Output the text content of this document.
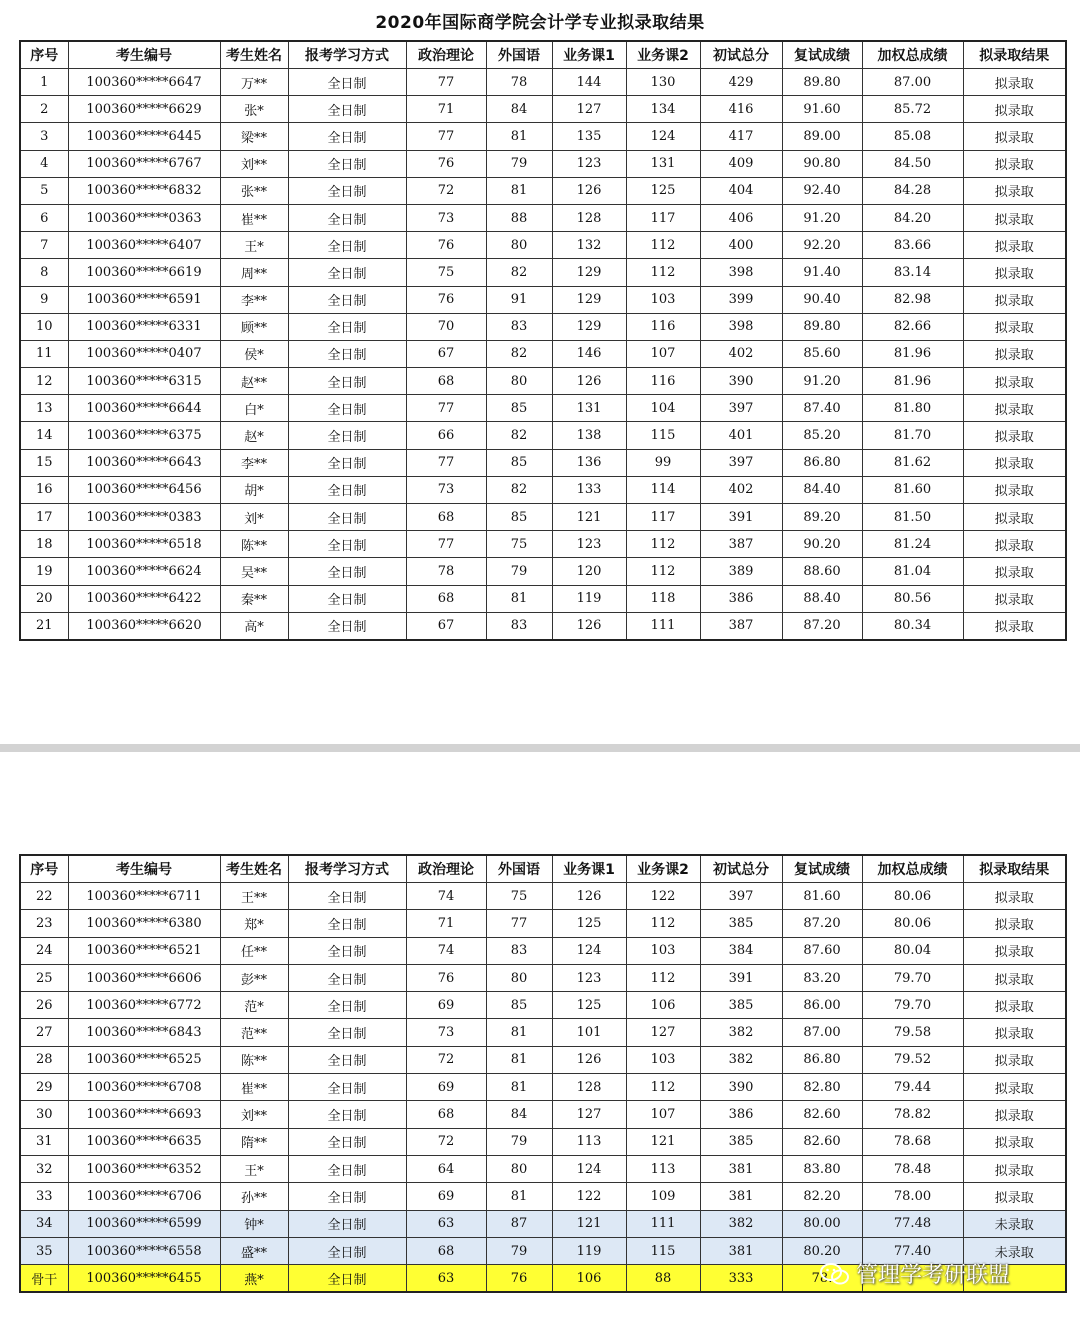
2020年国际商学院会计学专业拟录取结果
序号	考生编号	考生姓名	报考学习方式	政治理论	外国语	业务课1	业务课2	初试总分	复试成绩	加权总成绩	拟录取结果
1	100360*****6647	万**	全日制	77	78	144	130	429	89.80	87.00	拟录取
2	100360*****6629	张*	全日制	71	84	127	134	416	91.60	85.72	拟录取
3	100360*****6445	梁**	全日制	77	81	135	124	417	89.00	85.08	拟录取
4	100360*****6767	刘**	全日制	76	79	123	131	409	90.80	84.50	拟录取
5	100360*****6832	张**	全日制	72	81	126	125	404	92.40	84.28	拟录取
6	100360*****0363	崔**	全日制	73	88	128	117	406	91.20	84.20	拟录取
7	100360*****6407	王*	全日制	76	80	132	112	400	92.20	83.66	拟录取
8	100360*****6619	周**	全日制	75	82	129	112	398	91.40	83.14	拟录取
9	100360*****6591	李**	全日制	76	91	129	103	399	90.40	82.98	拟录取
10	100360*****6331	顾**	全日制	70	83	129	116	398	89.80	82.66	拟录取
11	100360*****0407	侯*	全日制	67	82	146	107	402	85.60	81.96	拟录取
12	100360*****6315	赵**	全日制	68	80	126	116	390	91.20	81.96	拟录取
13	100360*****6644	白*	全日制	77	85	131	104	397	87.40	81.80	拟录取
14	100360*****6375	赵*	全日制	66	82	138	115	401	85.20	81.70	拟录取
15	100360*****6643	李**	全日制	77	85	136	99	397	86.80	81.62	拟录取
16	100360*****6456	胡*	全日制	73	82	133	114	402	84.40	81.60	拟录取
17	100360*****0383	刘*	全日制	68	85	121	117	391	89.20	81.50	拟录取
18	100360*****6518	陈**	全日制	77	75	123	112	387	90.20	81.24	拟录取
19	100360*****6624	吴**	全日制	78	79	120	112	389	88.60	81.04	拟录取
20	100360*****6422	秦**	全日制	68	81	119	118	386	88.40	80.56	拟录取
21	100360*****6620	高*	全日制	67	83	126	111	387	87.20	80.34	拟录取
序号	考生编号	考生姓名	报考学习方式	政治理论	外国语	业务课1	业务课2	初试总分	复试成绩	加权总成绩	拟录取结果
22	100360*****6711	王**	全日制	74	75	126	122	397	81.60	80.06	拟录取
23	100360*****6380	郑*	全日制	71	77	125	112	385	87.20	80.06	拟录取
24	100360*****6521	任**	全日制	74	83	124	103	384	87.60	80.04	拟录取
25	100360*****6606	彭**	全日制	76	80	123	112	391	83.20	79.70	拟录取
26	100360*****6772	范*	全日制	69	85	125	106	385	86.00	79.70	拟录取
27	100360*****6843	范**	全日制	73	81	101	127	382	87.00	79.58	拟录取
28	100360*****6525	陈**	全日制	72	81	126	103	382	86.80	79.52	拟录取
29	100360*****6708	崔**	全日制	69	81	128	112	390	82.80	79.44	拟录取
30	100360*****6693	刘**	全日制	68	84	127	107	386	82.60	78.82	拟录取
31	100360*****6635	隋**	全日制	72	79	113	121	385	82.60	78.68	拟录取
32	100360*****6352	王*	全日制	64	80	124	113	381	83.80	78.48	拟录取
33	100360*****6706	孙**	全日制	69	81	122	109	381	82.20	78.00	拟录取
34	100360*****6599	钟*	全日制	63	87	121	111	382	80.00	77.48	未录取
35	100360*****6558	盛**	全日制	68	79	119	115	381	80.20	77.40	未录取
骨干	100360*****6455	燕*	全日制	63	76	106	88	333	78.		管理学考研联盟
